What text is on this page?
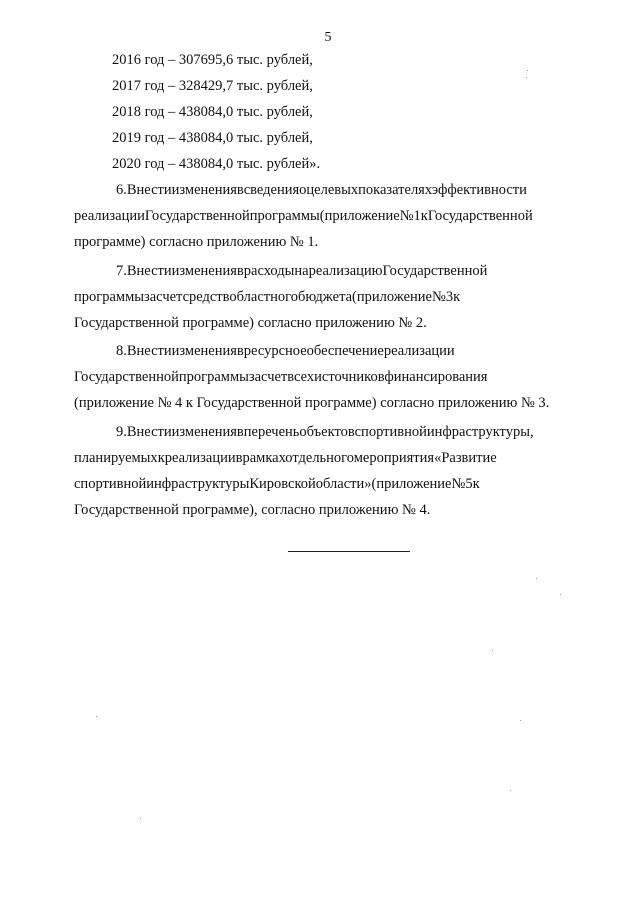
5
2016 год – 307695,6 тыс. рублей,
2017 год – 328429,7 тыс. рублей,
2018 год – 438084,0 тыс. рублей,
2019 год – 438084,0 тыс. рублей,
2020 год – 438084,0 тыс. рублей».
6.Внестиизменениявсведенияоцелевыхпоказателяхэффективности
реализацииГосударственнойпрограммы(приложение№1кГосударственной
программе) согласно приложению № 1.
7.ВнестиизмененияврасходынареализациюГосударственной
программызасчетсредствобластногобюджета(приложение№3к
Государственной программе) согласно приложению № 2.
8.Внестиизменениявресурсноеобеспечениереализации
Государственнойпрограммызасчетвсехисточниковфинансирования
(приложение № 4 к Государственной программе) согласно приложению № 3.
9.Внестиизменениявпереченьобъектовспортивнойинфраструктуры,
планируемыхкреализацииврамкахотдельногомероприятия«Развитие
спортивнойинфраструктурыКировскойобласти»(приложение№5к
Государственной программе), согласно приложению № 4.
